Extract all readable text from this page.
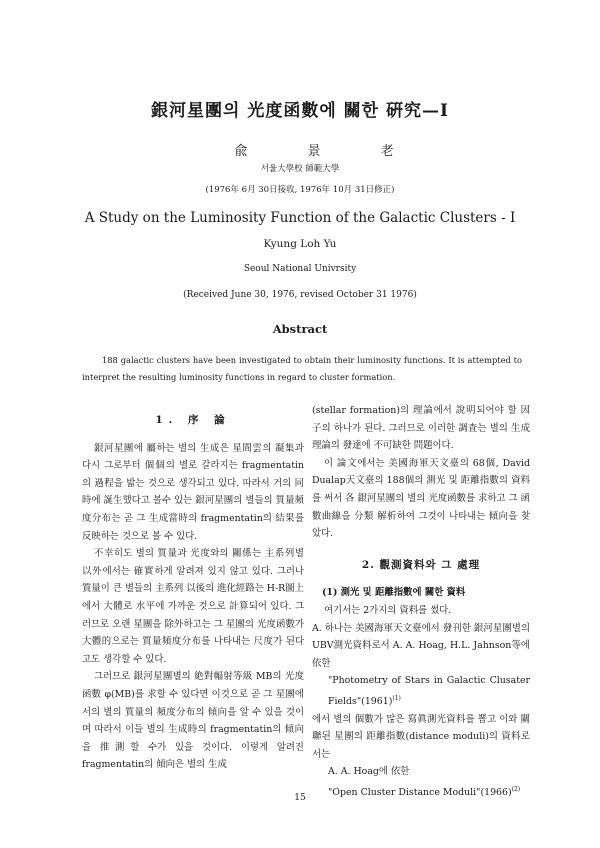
銀河星團의 光度函數에 關한 硏究—Ⅰ
兪 景 老
서울大學校 師範大學
(1976年 6月 30日接收, 1976年 10月 31日修正)
A Study on the Luminosity Function of the Galactic Clusters - I
Kyung Loh Yu
Seoul National Univrsity
(Received June 30, 1976, revised October 31 1976)
Abstract
188 galactic clusters have been investigated to obtain their luminosity functions. It is attempted to interpret the resulting luminosity functions in regard to cluster formation.

1. 序 論

銀河星團에 屬하는 별의 生成은 星間雲의 凝集과 다시 그로부터 個個의 별로 갈라지는 fragmentatin의 過程을 밟는 것으로 생각되고 있다. 따라서 거의 同時에 誕生했다고 볼수 있는 銀河星團의 별들의 質量頻度分布는 곧 그 生成當時의 fragmentatin의 結果를 反映하는 것으로 볼 수 있다.

不幸히도 별의 質量과 光度와의 關係는 主系列별 以外에서는 確實하게 알려져 있지 않고 있다. 그러나 質量이 큰 별들의 主系列 以後의 進化經路는 H-R圖上에서 大體로 水平에 가까운 것으로 計算되어 있다. 그러므로 오랜 星團을 除外하고는 그 星團의 光度函數가 大體的으로는 質量頻度分布를 나타내는 尺度가 된다고도 생각할 수 있다.

그러므로 銀河星團별의 絶對輻射等級 MB의 光度函數 φ(MB)를 求할 수 있다면 이것으로 곧 그 星團에서의 별의 質量의 頻度分布의 傾向을 알 수 있을 것이며 따라서 이들 별의 生成時의 fragmentatin의 傾向을 推測할 수가 있을 것이다. 이렇게 알려진 fragmentatin의 傾向은 별의 生成

(stellar formation)의 理論에서 說明되어야 할 因子의 하나가 된다. 그러므로 이러한 調査는 별의 生成理論의 發達에 不可缺한 問題이다.

이 論文에서는 美國海軍天文臺의 68個, David Dualap天文臺의 188個의 測光 및 距離指數의 資料를 써서 各 銀河星團의 별의 光度函數를 求하고 그 函數曲線을 分類 解析하여 그것이 나타내는 傾向을 찾았다.

2. 觀測資料와 그 處理

(1) 測光 및 距離指數에 關한 資料

여기서는 2가지의 資料를 썼다.

A. 하나는 美國海軍天文臺에서 發刊한 銀河星團별의 UBV測光資料로서 A. A. Hoag, H.L. Jahnson等에 依한

"Photometry of Stars in Galactic Clusater $Fields"(1961)^{(1)}$

에서 별의 個數가 많은 寫眞測光資料를 뽑고 이와 關聯된 星團의 距離指數(distance moduli)의 資料로서는

A. A. Hoag에 依한

"Open Cluster Distance $Moduli"(1966)^{(2)}$

15
